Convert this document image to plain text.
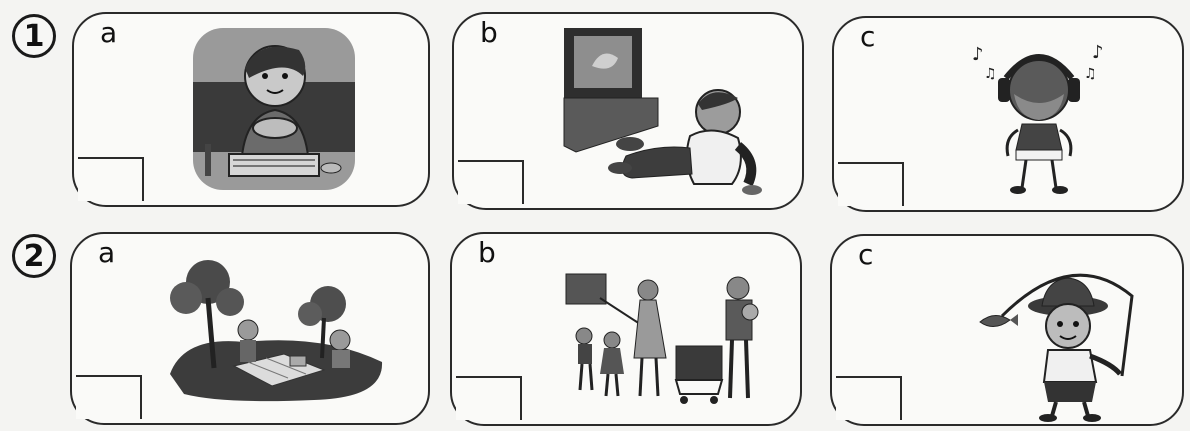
1	a	b	c
♪
♫
♪
♫
2	a	b	c
